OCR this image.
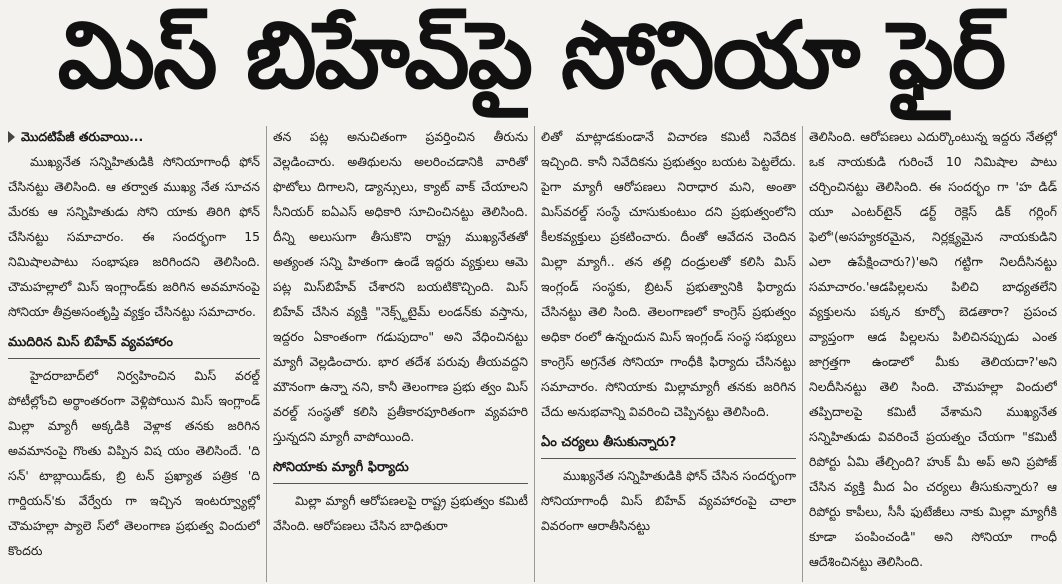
మిస్ బిహేవ్‌పై సోనియా ఫైర్
మొదటిపేజీ తరువాయి...

ముఖ్యనేత సన్నిహితుడికి సోనియాగాంధీ ఫోన్ చేసినట్టు తెలిసింది. ఆ తర్వాత ముఖ్య నేత సూచన మేరకు ఆ సన్నిహితుడు సోని యాకు తిరిగి ఫోన్ చేసినట్టు సమాచారం. ఈ సందర్భంగా 15 నిమిషాలపాటు సంభాషణ జరిగిందని తెలిసింది. చౌమహల్లాలో మిస్ ఇంగ్లాండ్‌కు జరిగిన అవమానంపై సోనియా తీవ్రఅసంతృప్తి వ్యక్తం చేసినట్టు సమాచారం.

ముదిరిన మిస్ బిహేవ్ వ్యవహారం

హైదరాబాద్‌లో నిర్వహించిన మిస్ వరల్డ్ పోటీల్లోంచి అర్థాంతరంగా వెళ్లిపోయిన మిస్ ఇంగ్లాండ్ మిల్లా మ్యాగీ అక్కడికి వెళ్లాక తనకు జరిగిన అవమానంపై గొంతు విప్పిన విష యం తెలిసిందే. 'ది సన్' టాబ్లాయిడ్‌కు, బ్రి టన్ ప్రఖ్యాత పత్రిక 'ది గార్డియన్'కు వేర్వేరు గా ఇచ్చిన ఇంటర్వ్యూల్లో చౌమహల్లా ప్యాలె స్‌లో తెలంగాణ ప్రభుత్వ విందులో కొందరు

తన పట్ల అనుచితంగా ప్రవర్తించిన తీరును వెల్లడించారు. అతిథులను అలరించడానికి వారితో ఫొటోలు దిగాలని, డ్యాన్సులు, క్యాట్ వాక్ చేయాలని సీనియర్ ఐఏఎస్ అధికారి సూచించినట్టు తెలిసింది. దీన్ని అలుసుగా తీసుకొని రాష్ట్ర ముఖ్యనేతతో అత్యంత సన్ని హితంగా ఉండే ఇద్దరు వ్యక్తులు ఆమె పట్ల మిస్‌బిహేవ్ చేశారని బయటికొచ్చింది. మిస్ బిహేవ్ చేసిన వ్యక్తి "నెక్స్ట్‌టైమ్ లండన్‌కు వస్తాను, ఇద్దరం ఏకాంతంగా గడుపుదాం" అని వేధించినట్టు మ్యాగీ వెల్లడించారు. భార తదేశ పరువు తీయవద్దని మౌనంగా ఉన్నా నని, కానీ తెలంగాణ ప్రభు త్వం మిస్ వరల్డ్ సంస్థతో కలిసి ప్రతీకారపూరితంగా వ్యవహరి స్తున్నదని మ్యాగీ వాపోయింది.

సోనియాకు మ్యాగీ ఫిర్యాదు

మిల్లా మ్యాగీ ఆరోపణలపై రాష్ట్ర ప్రభుత్వం కమిటీ వేసింది. ఆరోపణలు చేసిన బాధితురా

లితో మాట్లాడకుండానే విచారణ కమిటీ నివేదిక ఇచ్చింది. కానీ నివేదికను ప్రభుత్వం బయట పెట్టలేదు. పైగా మ్యాగీ ఆరోపణలు నిరాధార మని, అంతా మిస్‌వరల్డ్ సంస్థే చూసుకుంటుం దని ప్రభుత్వంలోని కీలకవ్యక్తులు ప్రకటించారు. దీంతో ఆవేదన చెందిన మిల్లా మ్యాగీ.. తన తల్లి దండ్రులతో కలిసి మిస్ ఇంగ్లండ్ సంస్థకు, బ్రిటన్ ప్రభుత్వానికి ఫిర్యాదు చేసినట్టు తెలి సింది. తెలంగాణలో కాంగ్రెస్ ప్రభుత్వం అధికా రంలో ఉన్నందున మిస్ ఇంగ్లండ్ సంస్థ సభ్యులు కాంగ్రెస్ అగ్రనేత సోనియా గాంధీకి ఫిర్యాదు చేసినట్టు సమాచారం. సోనియాకు మిల్లామ్యాగీ తనకు జరిగిన చేదు అనుభవాన్ని వివరించి చెప్పినట్టు తెలిసింది.

ఏం చర్యలు తీసుకున్నారు?

ముఖ్యనేత సన్నిహితుడికి ఫోన్ చేసిన సందర్భంగా సోనియాగాంధీ మిస్ బిహేవ్ వ్యవహారంపై చాలా వివరంగా ఆరాతీసినట్టు

తెలిసింది. ఆరోపణలు ఎదుర్కొంటున్న ఇద్దరు నేతల్లో ఒక నాయకుడి గురించే 10 నిమిషాల పాటు చర్చించినట్టు తెలిసింది. ఈ సందర్భం గా 'హ డిడ్ యూ ఎంటర్‌టైన్ డర్ట్ రెక్లెస్ డిక్ గర్లింగ్ ఫెలో'(అసహ్యకరమైన, నిర్లక్ష్యమైన నాయకుడిని ఎలా ఉపేక్షించారు?)'అని గట్టిగా నిలదీసినట్టు సమాచారం.'ఆడపిల్లలను పిలిచి బాధ్యతలేని వ్యక్తులను పక్కన కూర్చో బెడతారా? ప్రపంచ వ్యాప్తంగా ఆడ పిల్లలను పిలిచినప్పుడు ఎంత జాగ్రత్తగా ఉండాలో మీకు తెలియదా?'అని నిలదీసినట్టు తెలి సింది. చౌమహల్లా విందులో తప్పిదాలపై కమిటీ వేశామని ముఖ్యనేత సన్నిహితుడు వివరించే ప్రయత్నం చేయగా "కమిటీ రిపోర్టు ఏమి తేల్చింది? హుక్ మీ అప్ అని ప్రపోజ్ చేసిన వ్యక్తి మీద ఏం చర్యలు తీసుకున్నారు? ఆ రిపోర్టు కాపీలు, సీసీ ఫుటేజీలు నాకు మిల్లా మ్యాగీకి కూడా పంపించండి" అని సోనియా గాంధీ ఆదేశించినట్టు తెలిసింది.
